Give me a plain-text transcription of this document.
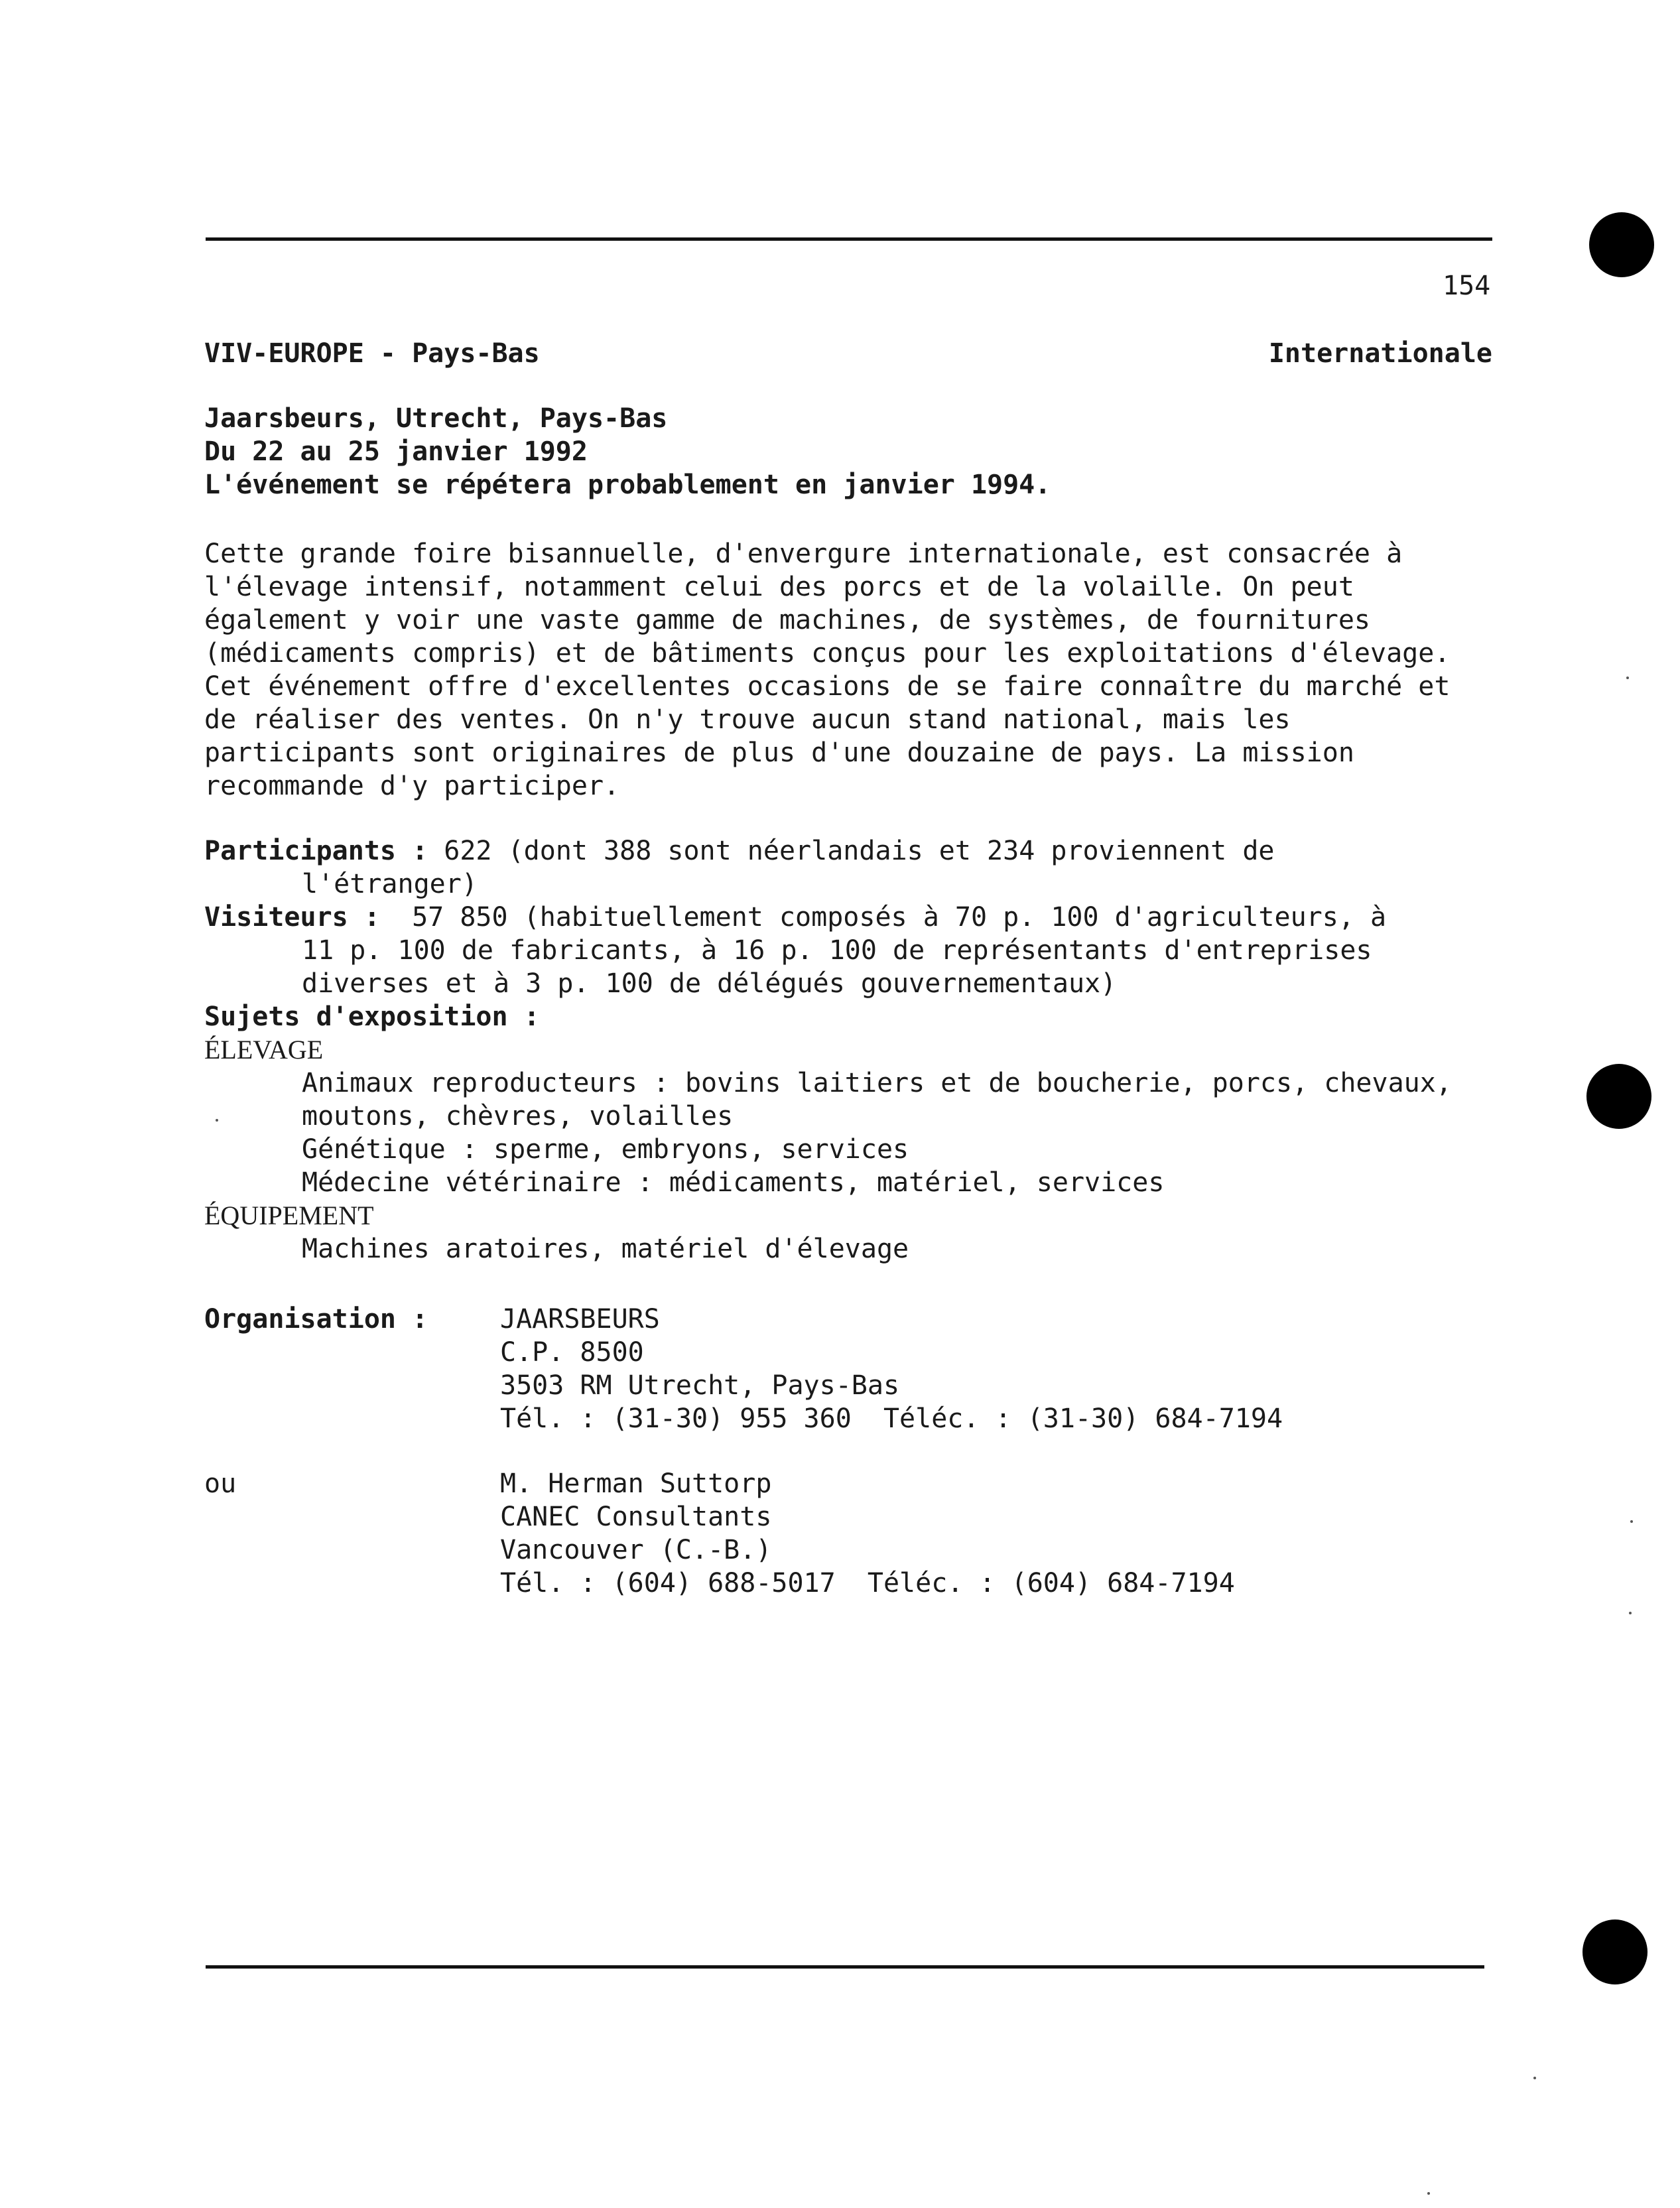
154
VIV-EUROPE - Pays-Bas	Internationale
Jaarsbeurs, Utrecht, Pays-Bas
Du 22 au 25 janvier 1992
L'événement se répétera probablement en janvier 1994.
Cette grande foire bisannuelle, d'envergure internationale, est consacrée à
l'élevage intensif, notamment celui des porcs et de la volaille. On peut
également y voir une vaste gamme de machines, de systèmes, de fournitures
(médicaments compris) et de bâtiments conçus pour les exploitations d'élevage.
Cet événement offre d'excellentes occasions de se faire connaître du marché et
de réaliser des ventes. On n'y trouve aucun stand national, mais les
participants sont originaires de plus d'une douzaine de pays. La mission
recommande d'y participer.
Participants : 622 (dont 388 sont néerlandais et 234 proviennent de
l'étranger)
Visiteurs :  57 850 (habituellement composés à 70 p. 100 d'agriculteurs, à
11 p. 100 de fabricants, à 16 p. 100 de représentants d'entreprises
diverses et à 3 p. 100 de délégués gouvernementaux)
Sujets d'exposition :
ÉLEVAGE
Animaux reproducteurs : bovins laitiers et de boucherie, porcs, chevaux,
moutons, chèvres, volailles
Génétique : sperme, embryons, services
Médecine vétérinaire : médicaments, matériel, services
ÉQUIPEMENT
Machines aratoires, matériel d'élevage
Organisation :	JAARSBEURS
C.P. 8500
3503 RM Utrecht, Pays-Bas
Tél. : (31-30) 955 360  Téléc. : (31-30) 684-7194
ou	M. Herman Suttorp
CANEC Consultants
Vancouver (C.-B.)
Tél. : (604) 688-5017  Téléc. : (604) 684-7194
